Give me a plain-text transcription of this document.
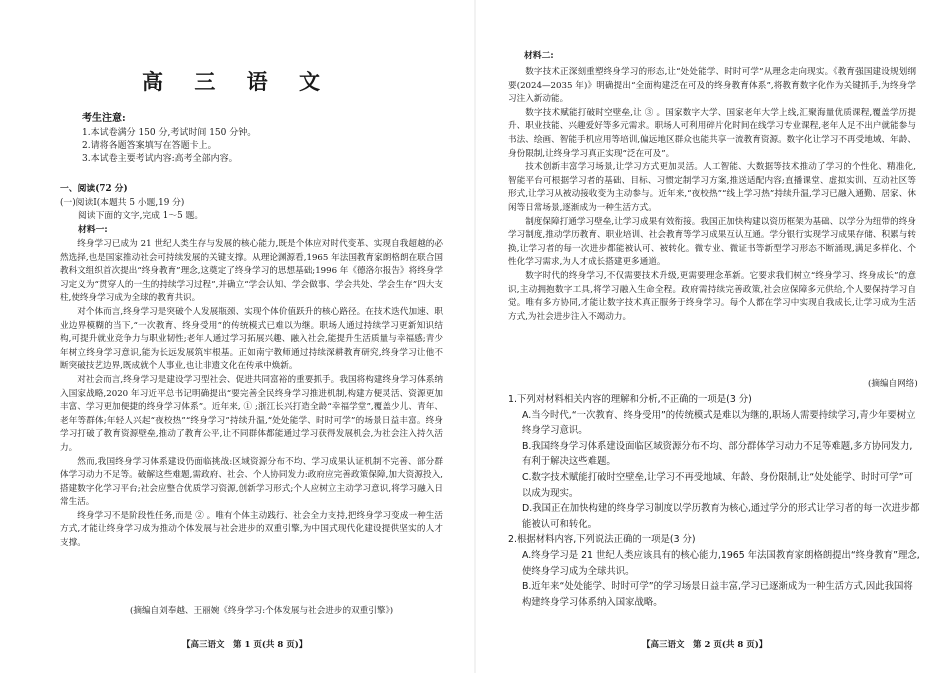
高 三 语 文
考生注意:
1.本试卷满分 150 分,考试时间 150 分钟。
2.请将各题答案填写在答题卡上。
3.本试卷主要考试内容:高考全部内容。
一、阅读(72 分)
(一)阅读Ⅰ(本题共 5 小题,19 分)
阅读下面的文字,完成 1～5 题。
材料一:

终身学习已成为 21 世纪人类生存与发展的核心能力,既是个体应对时代变革、实现自我超越的必然选择,也是国家推动社会可持续发展的关键支撑。从理论渊源看,1965 年法国教育家朗格朗在联合国教科文组织首次提出“终身教育”理念,这奠定了终身学习的思想基础;1996 年《德洛尔报告》将终身学习定义为“贯穿人的一生的持续学习过程”,并确立“学会认知、学会做事、学会共处、学会生存”四大支柱,使终身学习成为全球的教育共识。

对个体而言,终身学习是突破个人发展瓶颈、实现个体价值跃升的核心路径。在技术迭代加速、职业边界模糊的当下,“一次教育、终身受用”的传统模式已难以为继。职场人通过持续学习更新知识结构,可提升就业竞争力与职业韧性;老年人通过学习拓展兴趣、融入社会,能提升生活质量与幸福感;青少年树立终身学习意识,能为长远发展筑牢根基。正如南宁教师通过持续深耕教育研究,终身学习让他不断突破技艺边界,既成就个人事业,也让非遗文化在传承中焕新。

对社会而言,终身学习是建设学习型社会、促进共同富裕的重要抓手。我国将构建终身学习体系纳入国家战略,2020 年习近平总书记明确提出“要完善全民终身学习推进机制,构建方便灵活、资源更加丰富、学习更加便捷的终身学习体系”。近年来, ① ;浙江长兴打造全龄“幸福学堂”,覆盖少儿、青年、老年等群体;年轻人兴起“夜校热”“终身学习”持续升温,“处处能学、时时可学”的场景日益丰富。终身学习打破了教育资源壁垒,推动了教育公平,让不同群体都能通过学习获得发展机会,为社会注入持久活力。

然而,我国终身学习体系建设仍面临挑战:区域资源分布不均、学习成果认证机制不完善、部分群体学习动力不足等。破解这些难题,需政府、社会、个人协同发力:政府应完善政策保障,加大资源投入,搭建数字化学习平台;社会应整合优质学习资源,创新学习形式;个人应树立主动学习意识,将学习融入日常生活。

终身学习不是阶段性任务,而是 ② 。唯有个体主动践行、社会全力支持,把终身学习变成一种生活方式,才能让终身学习成为推动个体发展与社会进步的双重引擎,为中国式现代化建设提供坚实的人才支撑。

(摘编自刘奉越、王丽婉《终身学习:个体发展与社会进步的双重引擎》)
【高三语文　第 1 页(共 8 页)】
材料二:

数字技术正深刻重塑终身学习的形态,让“处处能学、时时可学”从理念走向现实。《教育强国建设规划纲要(2024—2035 年)》明确提出“全面构建泛在可及的终身教育体系”,将教育数字化作为关键抓手,为终身学习注入新动能。

数字技术赋能打破时空壁垒,让 ③ 。国家数字大学、国家老年大学上线,汇聚海量优质课程,覆盖学历提升、职业技能、兴趣爱好等多元需求。职场人可利用碎片化时间在线学习专业课程,老年人足不出户就能参与书法、绘画、智能手机应用等培训,偏远地区群众也能共享一流教育资源。数字化让学习不再受地域、年龄、身份限制,让终身学习真正实现“泛在可及”。

技术创新丰富学习场景,让学习方式更加灵活。人工智能、大数据等技术推动了学习的个性化、精准化,智能平台可根据学习者的基础、目标、习惯定制学习方案,推送适配内容;直播课堂、虚拟实训、互动社区等形式,让学习从被动接收变为主动参与。近年来,“夜校热”“线上学习热”持续升温,学习已融入通勤、居家、休闲等日常场景,逐渐成为一种生活方式。

制度保障打通学习壁垒,让学习成果有效衔接。我国正加快构建以资历框架为基础、以学分为纽带的终身学习制度,推动学历教育、职业培训、社会教育等学习成果互认互通。学分银行实现学习成果存储、积累与转换,让学习者的每一次进步都能被认可、被转化。微专业、微证书等新型学习形态不断涌现,满足多样化、个性化学习需求,为人才成长搭建更多通道。

数字时代的终身学习,不仅需要技术升级,更需要理念革新。它要求我们树立“终身学习、终身成长”的意识,主动拥抱数字工具,将学习融入生命全程。政府需持续完善政策,社会应保障多元供给,个人要保持学习自觉。唯有多方协同,才能让数字技术真正服务于终身学习。每个人都在学习中实现自我成长,让学习成为生活方式,为社会进步注入不竭动力。

(摘编自网络)
1.下列对材料相关内容的理解和分析,不正确的一项是(3 分)
A.当今时代,“一次教育、终身受用”的传统模式是难以为继的,职场人需要持续学习,青少年要树立终身学习意识。
B.我国终身学习体系建设面临区域资源分布不均、部分群体学习动力不足等难题,多方协同发力,有利于解决这些难题。
C.数字技术赋能打破时空壁垒,让学习不再受地域、年龄、身份限制,让“处处能学、时时可学”可以成为现实。
D.我国正在加快构建的终身学习制度以学历教育为核心,通过学分的形式让学习者的每一次进步都能被认可和转化。
2.根据材料内容,下列说法正确的一项是(3 分)
A.终身学习是 21 世纪人类应该具有的核心能力,1965 年法国教育家朗格朗提出“终身教育”理念,使终身学习成为全球共识。
B.近年来“处处能学、时时可学”的学习场景日益丰富,学习已逐渐成为一种生活方式,因此我国将构建终身学习体系纳入国家战略。
【高三语文　第 2 页(共 8 页)】
